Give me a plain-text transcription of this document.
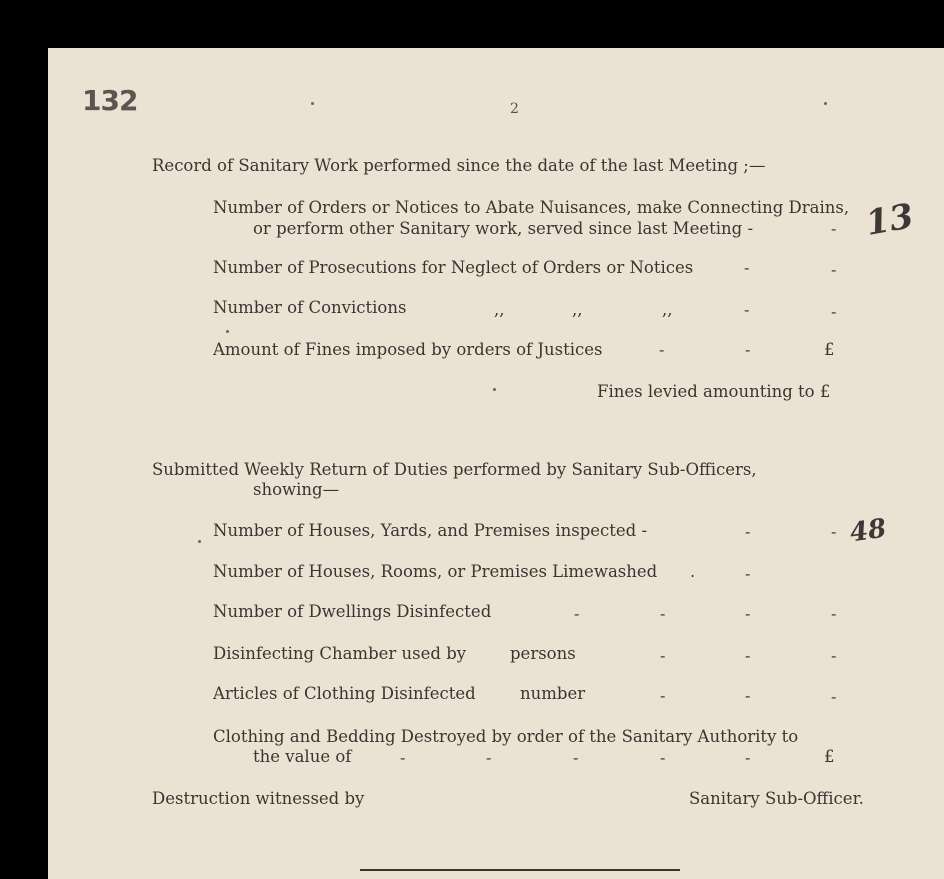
132	2
Record of Sanitary Work performed since the date of the last Meeting ;—
Number of Orders or Notices to Abate Nuisances, make Connecting Drains,
or perform other Sanitary work, served since last Meeting -	- 13
Number of Prosecutions for Neglect of Orders or Notices	-	-
Number of Convictions	,,	,,	,,	-	-
Amount of Fines imposed by orders of Justices	-	-	£
Fines levied amounting to £
Submitted Weekly Return of Duties performed by Sanitary Sub-Officers,
showing—
Number of Houses, Yards, and Premises inspected -	-	- 48
Number of Houses, Rooms, or Premises Limewashed .	-
Number of Dwellings Disinfected	-	-	-	-
Disinfecting Chamber used by	persons	-	-	-
Articles of Clothing Disinfected	number	-	-	-
Clothing and Bedding Destroyed by order of the Sanitary Authority to
the value of	-	-	-	-	-	£
Destruction witnessed by	Sanitary Sub-Officer.
